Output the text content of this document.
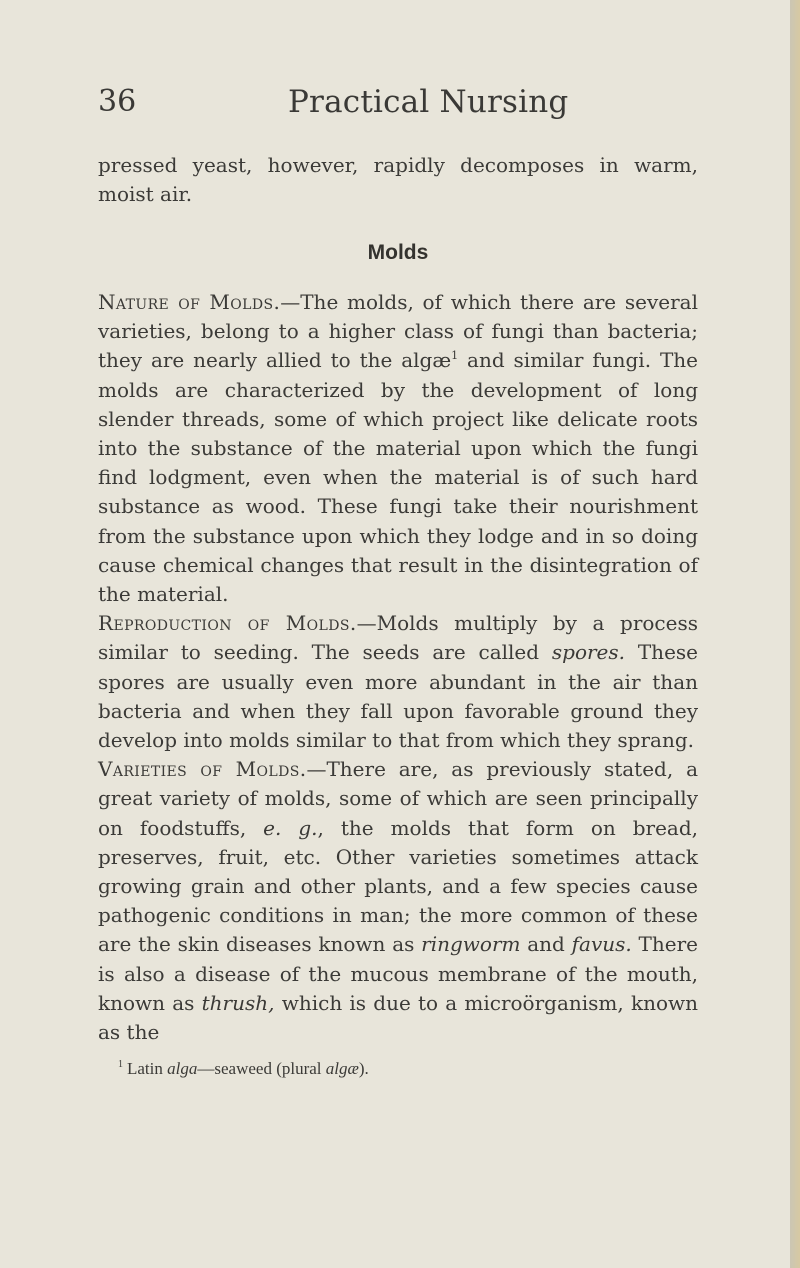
36	Practical Nursing
pressed yeast, however, rapidly decomposes in warm, moist air.
Molds

Nature of Molds.—The molds, of which there are several varieties, belong to a higher class of fungi than bacteria; they are nearly allied to the algæ$^1$ and similar fungi. The molds are characterized by the development of long slender threads, some of which project like delicate roots into the substance of the material upon which the fungi find lodgment, even when the material is of such hard substance as wood. These fungi take their nourishment from the substance upon which they lodge and in so doing cause chemical changes that result in the disintegration of the material.

Reproduction of Molds.—Molds multiply by a process similar to seeding. The seeds are called spores. These spores are usually even more abundant in the air than bacteria and when they fall upon favorable ground they develop into molds similar to that from which they sprang.

Varieties of Molds.—There are, as previously stated, a great variety of molds, some of which are seen principally on foodstuffs, e. g., the molds that form on bread, preserves, fruit, etc. Other varieties sometimes attack growing grain and other plants, and a few species cause pathogenic conditions in man; the more common of these are the skin diseases known as ringworm and favus. There is also a disease of the mucous membrane of the mouth, known as thrush, which is due to a microörganism, known as the

$^1$ Latin alga—seaweed (plural algæ).
